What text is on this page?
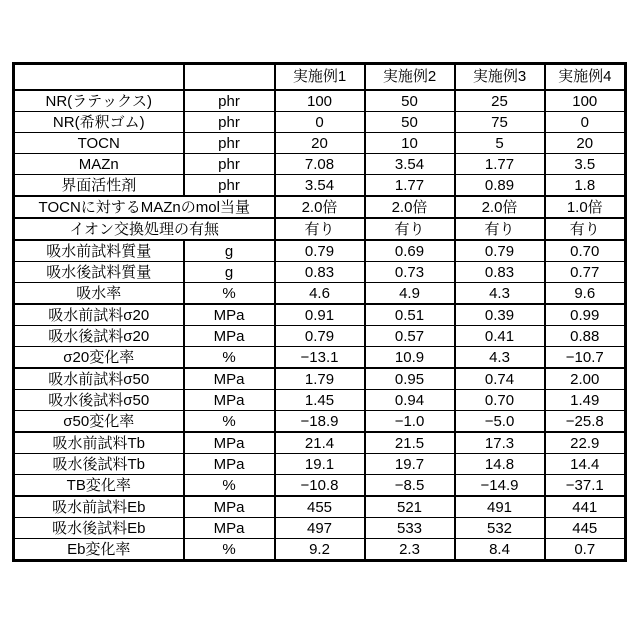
		実施例1	実施例2	実施例3	実施例4
NR(ラテックス)	phr	100	50	25	100
NR(希釈ゴム)	phr	0	50	75	0
TOCN	phr	20	10	5	20
MAZn	phr	7.08	3.54	1.77	3.5
界面活性剤	phr	3.54	1.77	0.89	1.8
TOCNに対するMAZnのmol当量		2.0倍	2.0倍	2.0倍	1.0倍
イオン交換処理の有無		有り	有り	有り	有り
吸水前試料質量	g	0.79	0.69	0.79	0.70
吸水後試料質量	g	0.83	0.73	0.83	0.77
吸水率	%	4.6	4.9	4.3	9.6
吸水前試料σ20	MPa	0.91	0.51	0.39	0.99
吸水後試料σ20	MPa	0.79	0.57	0.41	0.88
σ20変化率	%	−13.1	10.9	4.3	−10.7
吸水前試料σ50	MPa	1.79	0.95	0.74	2.00
吸水後試料σ50	MPa	1.45	0.94	0.70	1.49
σ50変化率	%	−18.9	−1.0	−5.0	−25.8
吸水前試料Tb	MPa	21.4	21.5	17.3	22.9
吸水後試料Tb	MPa	19.1	19.7	14.8	14.4
TB変化率	%	−10.8	−8.5	−14.9	−37.1
吸水前試料Eb	MPa	455	521	491	441
吸水後試料Eb	MPa	497	533	532	445
Eb変化率	%	9.2	2.3	8.4	0.7
